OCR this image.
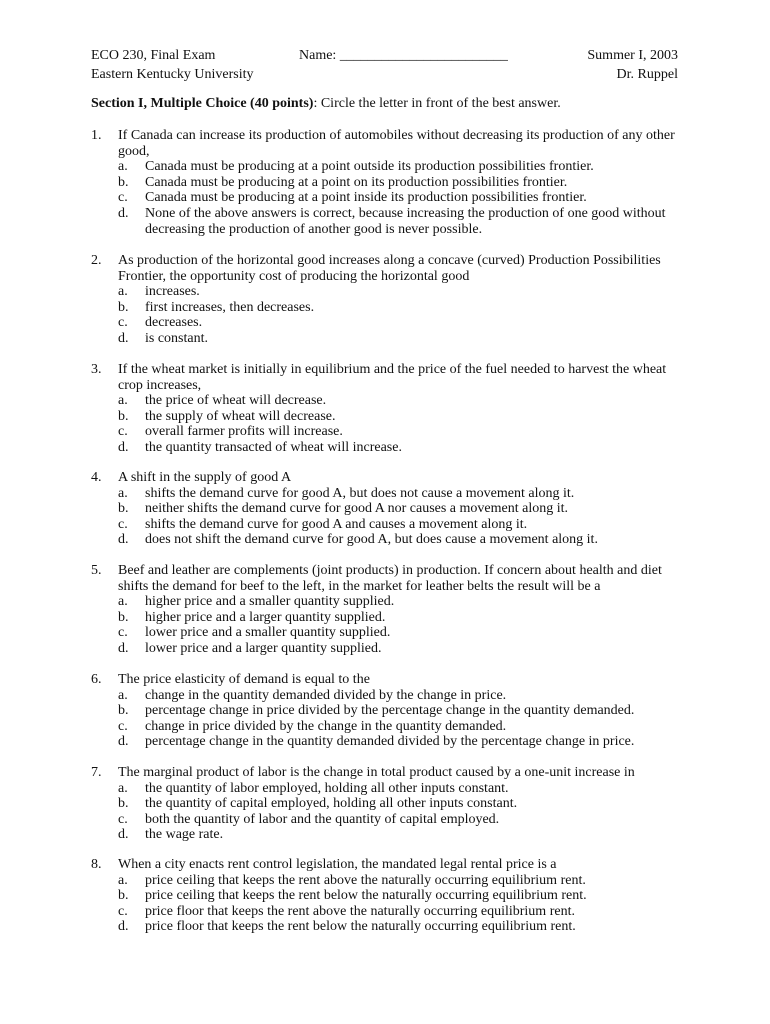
ECO 230, Final Exam
Eastern Kentucky University
Name: ________________________	Summer I, 2003
Dr. Ruppel
Section I, Multiple Choice (40 points): Circle the letter in front of the best answer.
1.	If Canada can increase its production of automobiles without decreasing its production of any other good,
a.	Canada must be producing at a point outside its production possibilities frontier.
b.	Canada must be producing at a point on its production possibilities frontier.
c.	Canada must be producing at a point inside its production possibilities frontier.
d.	None of the above answers is correct, because increasing the production of one good without decreasing the production of another good is never possible.
2.	As production of the horizontal good increases along a concave (curved) Production Possibilities Frontier, the opportunity cost of producing the horizontal good
a.	increases.
b.	first increases, then decreases.
c.	decreases.
d.	is constant.
3.	If the wheat market is initially in equilibrium and the price of the fuel needed to harvest the wheat crop increases,
a.	the price of wheat will decrease.
b.	the supply of wheat will decrease.
c.	overall farmer profits will increase.
d.	the quantity transacted of wheat will increase.
4.	A shift in the supply of good A
a.	shifts the demand curve for good A, but does not cause a movement along it.
b.	neither shifts the demand curve for good A nor causes a movement along it.
c.	shifts the demand curve for good A and causes a movement along it.
d.	does not shift the demand curve for good A, but does cause a movement along it.
5.	Beef and leather are complements (joint products) in production. If concern about health and diet shifts the demand for beef to the left, in the market for leather belts the result will be a
a.	higher price and a smaller quantity supplied.
b.	higher price and a larger quantity supplied.
c.	lower price and a smaller quantity supplied.
d.	lower price and a larger quantity supplied.
6.	The price elasticity of demand is equal to the
a.	change in the quantity demanded divided by the change in price.
b.	percentage change in price divided by the percentage change in the quantity demanded.
c.	change in price divided by the change in the quantity demanded.
d.	percentage change in the quantity demanded divided by the percentage change in price.
7.	The marginal product of labor is the change in total product caused by a one-unit increase in
a.	the quantity of labor employed, holding all other inputs constant.
b.	the quantity of capital employed, holding all other inputs constant.
c.	both the quantity of labor and the quantity of capital employed.
d.	the wage rate.
8.	When a city enacts rent control legislation, the mandated legal rental price is a
a.	price ceiling that keeps the rent above the naturally occurring equilibrium rent.
b.	price ceiling that keeps the rent below the naturally occurring equilibrium rent.
c.	price floor that keeps the rent above the naturally occurring equilibrium rent.
d.	price floor that keeps the rent below the naturally occurring equilibrium rent.
